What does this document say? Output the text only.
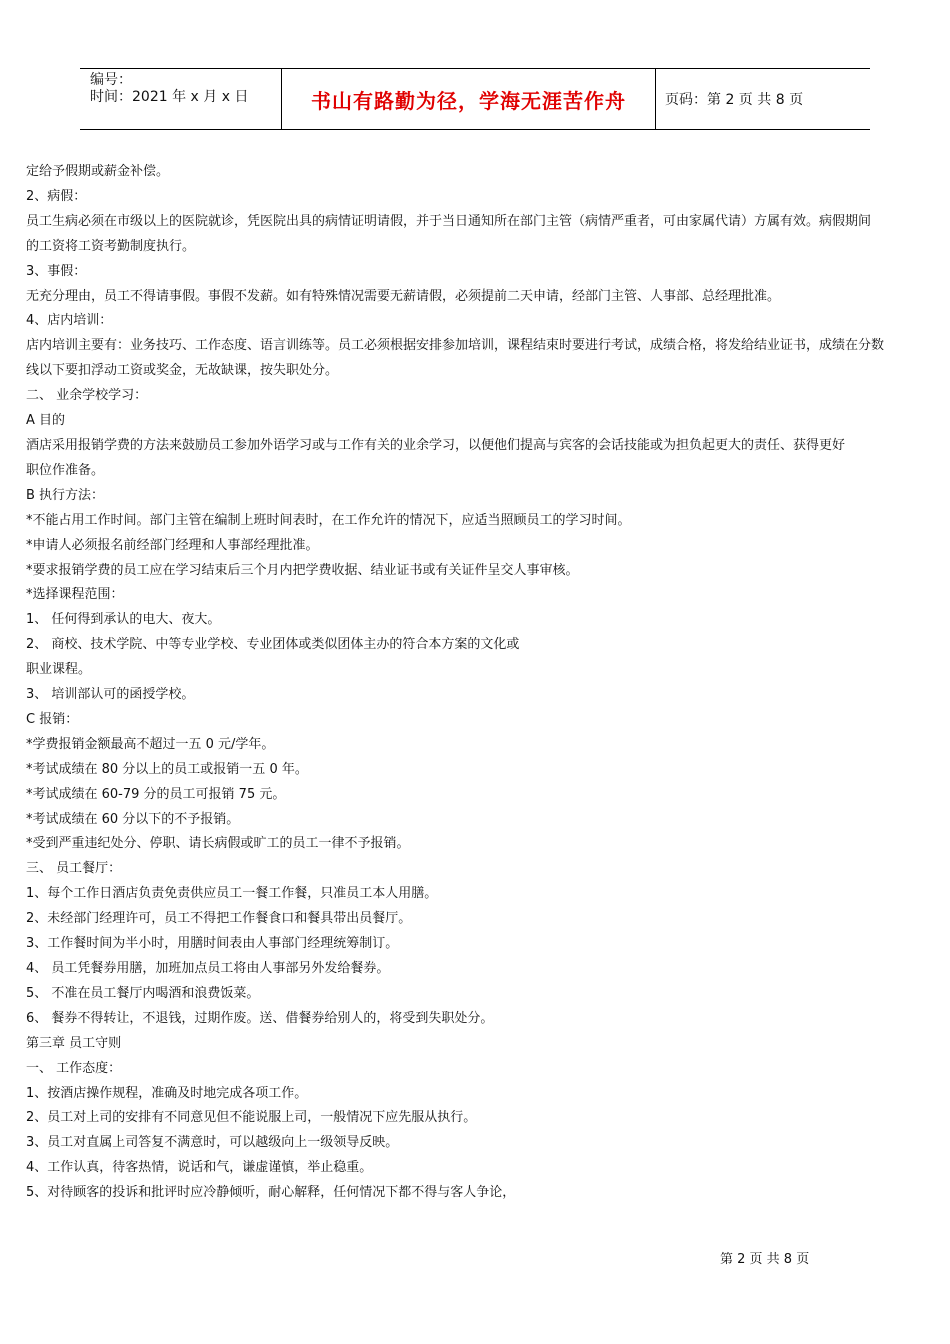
编号：
时间：2021 年 x 月 x 日	书山有路勤为径，学海无涯苦作舟	页码：第 2 页 共 8 页
定给予假期或薪金补偿。
2、病假：
员工生病必须在市级以上的医院就诊，凭医院出具的病情证明请假，并于当日通知所在部门主管（病情严重者，可由家属代请）方属有效。病假期间
的工资将工资考勤制度执行。
3、事假：
无充分理由，员工不得请事假。事假不发薪。如有特殊情况需要无薪请假，必须提前二天申请，经部门主管、人事部、总经理批准。
4、店内培训：
店内培训主要有：业务技巧、工作态度、语言训练等。员工必须根据安排参加培训，课程结束时要进行考试，成绩合格，将发给结业证书，成绩在分数
线以下要扣浮动工资或奖金，无故缺课，按失职处分。
二、 业余学校学习：
A 目的
酒店采用报销学费的方法来鼓励员工参加外语学习或与工作有关的业余学习，以便他们提高与宾客的会话技能或为担负起更大的责任、获得更好
职位作准备。
B 执行方法：
*不能占用工作时间。部门主管在编制上班时间表时，在工作允许的情况下，应适当照顾员工的学习时间。
*申请人必须报名前经部门经理和人事部经理批准。
*要求报销学费的员工应在学习结束后三个月内把学费收据、结业证书或有关证件呈交人事审核。
*选择课程范围：
1、 任何得到承认的电大、夜大。
2、 商校、技术学院、中等专业学校、专业团体或类似团体主办的符合本方案的文化或
职业课程。
3、 培训部认可的函授学校。
C 报销：
*学费报销金额最高不超过一五 0 元/学年。
*考试成绩在 80 分以上的员工或报销一五 0 年。
*考试成绩在 60-79 分的员工可报销 75 元。
*考试成绩在 60 分以下的不予报销。
*受到严重违纪处分、停职、请长病假或旷工的员工一律不予报销。
三、 员工餐厅：
1、每个工作日酒店负责免责供应员工一餐工作餐，只准员工本人用膳。
2、未经部门经理许可，员工不得把工作餐食口和餐具带出员餐厅。
3、工作餐时间为半小时，用膳时间表由人事部门经理统筹制订。
4、 员工凭餐券用膳，加班加点员工将由人事部另外发给餐券。
5、 不准在员工餐厅内喝酒和浪费饭菜。
6、 餐券不得转让，不退钱，过期作废。送、借餐券给别人的，将受到失职处分。
第三章 员工守则
一、 工作态度：
1、按酒店操作规程，准确及时地完成各项工作。
2、员工对上司的安排有不同意见但不能说服上司，一般情况下应先服从执行。
3、员工对直属上司答复不满意时，可以越级向上一级领导反映。
4、工作认真，待客热情，说话和气，谦虚谨慎，举止稳重。
5、对待顾客的投诉和批评时应冷静倾听，耐心解释，任何情况下都不得与客人争论，
第 2 页 共 8 页
